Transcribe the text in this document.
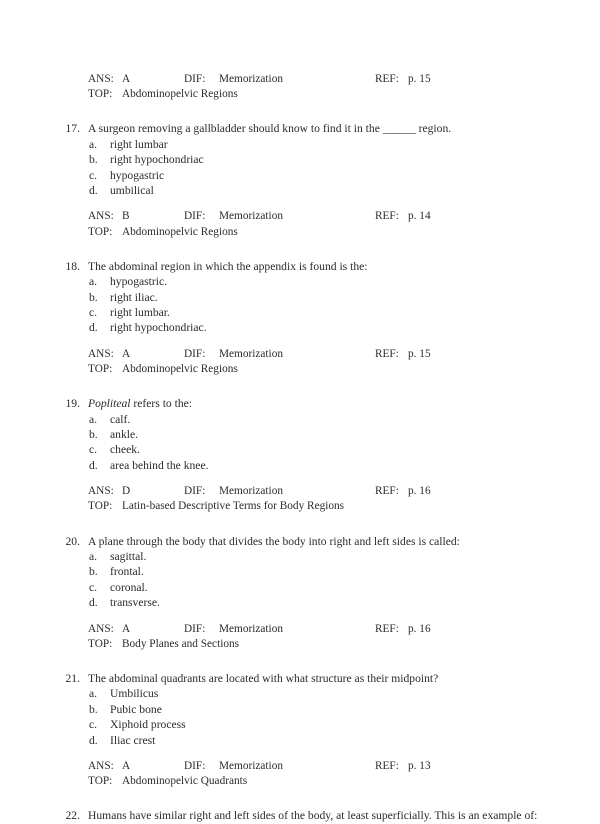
ANS: A	DIF: Memorization	REF: p. 15
TOP: Abdominopelvic Regions
17. A surgeon removing a gallbladder should know to find it in the ______ region.
a.	right lumbar
b.	right hypochondriac
c.	hypogastric
d.	umbilical
ANS: B	DIF: Memorization	REF: p. 14
TOP: Abdominopelvic Regions
18. The abdominal region in which the appendix is found is the:
a.	hypogastric.
b.	right iliac.
c.	right lumbar.
d.	right hypochondriac.
ANS: A	DIF: Memorization	REF: p. 15
TOP: Abdominopelvic Regions
19. Popliteal refers to the:
a.	calf.
b.	ankle.
c.	cheek.
d.	area behind the knee.
ANS: D	DIF: Memorization	REF: p. 16
TOP: Latin-based Descriptive Terms for Body Regions
20. A plane through the body that divides the body into right and left sides is called:
a.	sagittal.
b.	frontal.
c.	coronal.
d.	transverse.
ANS: A	DIF: Memorization	REF: p. 16
TOP: Body Planes and Sections
21. The abdominal quadrants are located with what structure as their midpoint?
a.	Umbilicus
b.	Pubic bone
c.	Xiphoid process
d.	Iliac crest
ANS: A	DIF: Memorization	REF: p. 13
TOP: Abdominopelvic Quadrants
22. Humans have similar right and left sides of the body, at least superficially. This is an example of:
